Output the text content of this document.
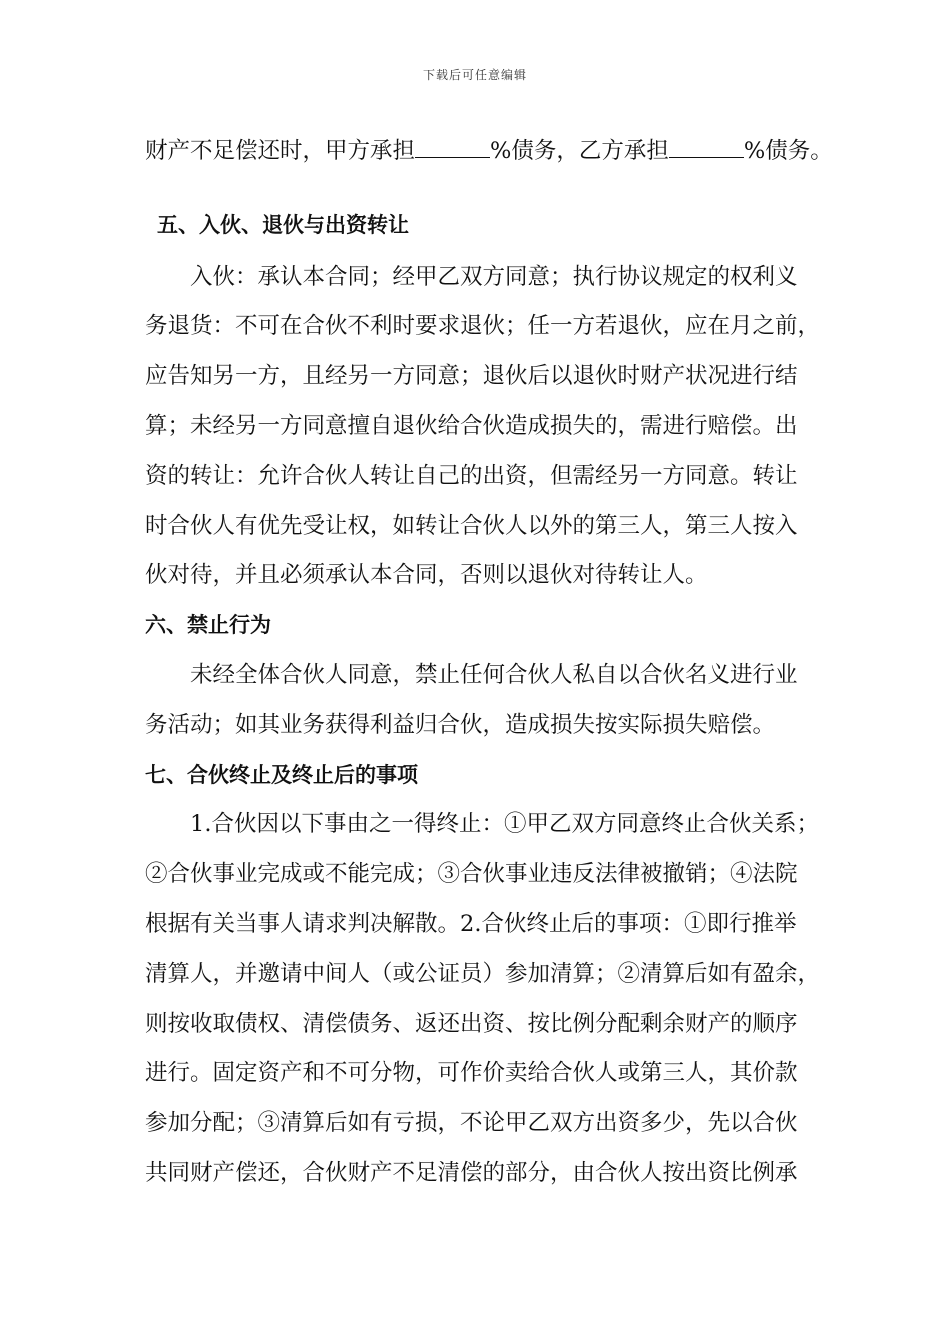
下载后可任意编辑
财产不足偿还时，甲方承担	%债务，乙方承担	%债务。
五、入伙、退伙与出资转让
入伙：承认本合同；经甲乙双方同意；执行协议规定的权利义
务退货：不可在合伙不利时要求退伙；任一方若退伙，应在月之前，
应告知另一方，且经另一方同意；退伙后以退伙时财产状况进行结
算；未经另一方同意擅自退伙给合伙造成损失的，需进行赔偿。出
资的转让：允许合伙人转让自己的出资，但需经另一方同意。转让
时合伙人有优先受让权，如转让合伙人以外的第三人，第三人按入
伙对待，并且必须承认本合同，否则以退伙对待转让人。
六、禁止行为
未经全体合伙人同意，禁止任何合伙人私自以合伙名义进行业
务活动；如其业务获得利益归合伙，造成损失按实际损失赔偿。
七、合伙终止及终止后的事项
1.合伙因以下事由之一得终止：①甲乙双方同意终止合伙关系；
②合伙事业完成或不能完成；③合伙事业违反法律被撤销；④法院
根据有关当事人请求判决解散。2.合伙终止后的事项：①即行推举
清算人，并邀请中间人（或公证员）参加清算；②清算后如有盈余，
则按收取债权、清偿债务、返还出资、按比例分配剩余财产的顺序
进行。固定资产和不可分物，可作价卖给合伙人或第三人，其价款
参加分配；③清算后如有亏损，不论甲乙双方出资多少，先以合伙
共同财产偿还，合伙财产不足清偿的部分，由合伙人按出资比例承
